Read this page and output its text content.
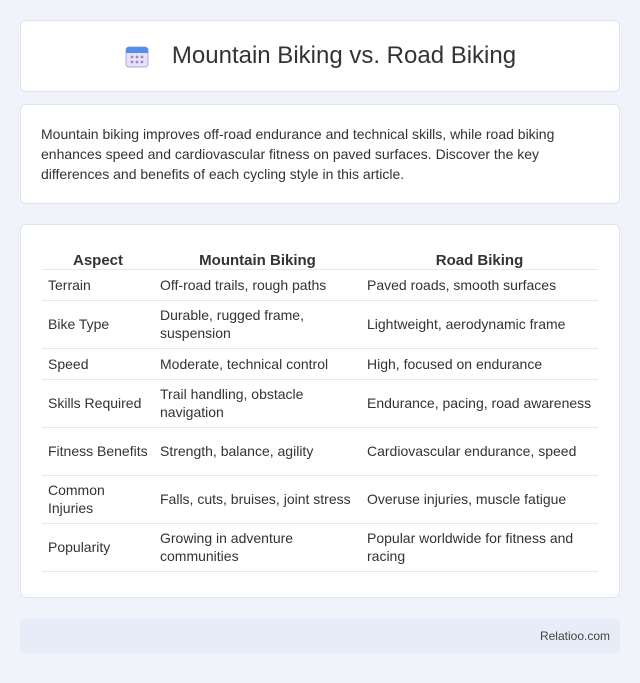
Mountain Biking vs. Road Biking

Mountain biking improves off-road endurance and technical skills, while road biking enhances speed and cardiovascular fitness on paved surfaces. Discover the key differences and benefits of each cycling style in this article.

Aspect	Mountain Biking	Road Biking
Terrain	Off-road trails, rough paths	Paved roads, smooth surfaces
Bike Type	Durable, rugged frame, suspension	Lightweight, aerodynamic frame
Speed	Moderate, technical control	High, focused on endurance
Skills Required	Trail handling, obstacle navigation	Endurance, pacing, road awareness
Fitness Benefits	Strength, balance, agility	Cardiovascular endurance, speed
Common Injuries	Falls, cuts, bruises, joint stress	Overuse injuries, muscle fatigue
Popularity	Growing in adventure communities	Popular worldwide for fitness and racing
Relatioo.com
